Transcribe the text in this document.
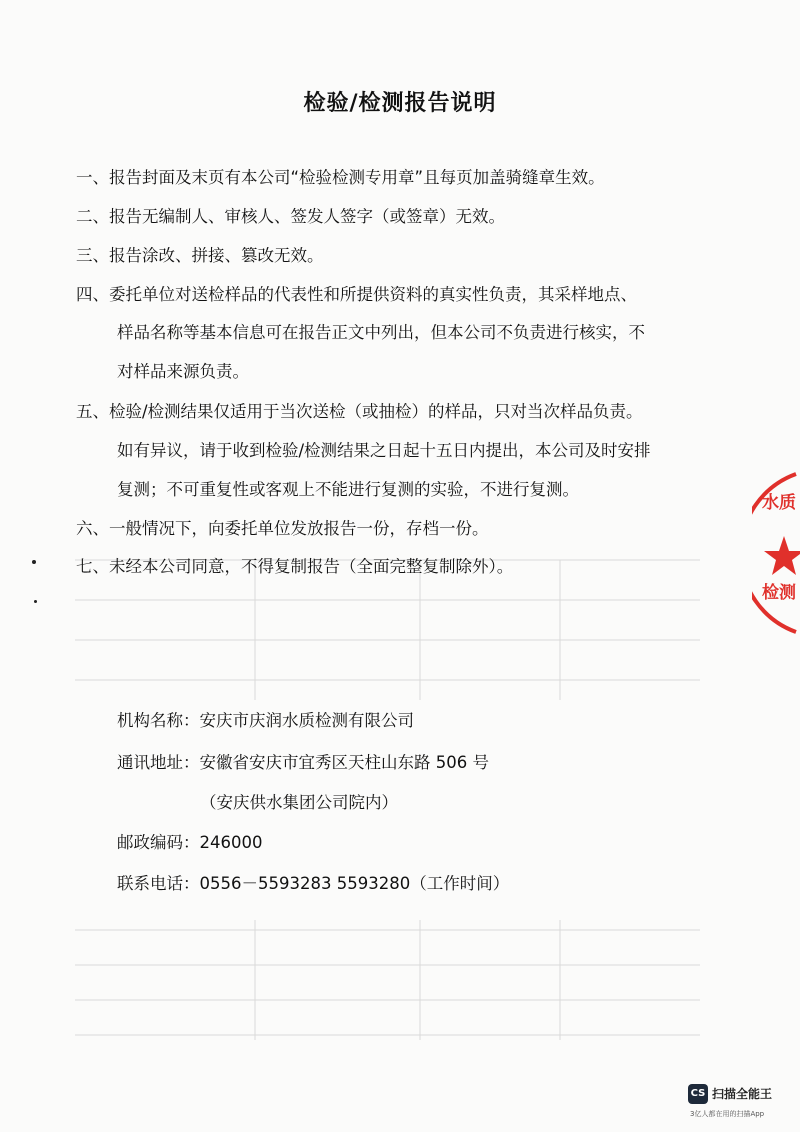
检验/检测报告说明
一、报告封面及末页有本公司“检验检测专用章”且每页加盖骑缝章生效。
二、报告无编制人、审核人、签发人签字（或签章）无效。
三、报告涂改、拼接、篡改无效。
四、委托单位对送检样品的代表性和所提供资料的真实性负责，其采样地点、
样品名称等基本信息可在报告正文中列出，但本公司不负责进行核实，不
对样品来源负责。
五、检验/检测结果仅适用于当次送检（或抽检）的样品，只对当次样品负责。
如有异议，请于收到检验/检测结果之日起十五日内提出，本公司及时安排
复测；不可重复性或客观上不能进行复测的实验，不进行复测。
六、一般情况下，向委托单位发放报告一份，存档一份。
七、未经本公司同意，不得复制报告（全面完整复制除外）。
机构名称：安庆市庆润水质检测有限公司
通讯地址：安徽省安庆市宜秀区天柱山东路 506 号
（安庆供水集团公司院内）
邮政编码：246000
联系电话：0556－5593283 5593280（工作时间）
水质
检测
CS 扫描全能王
3亿人都在用的扫描App
